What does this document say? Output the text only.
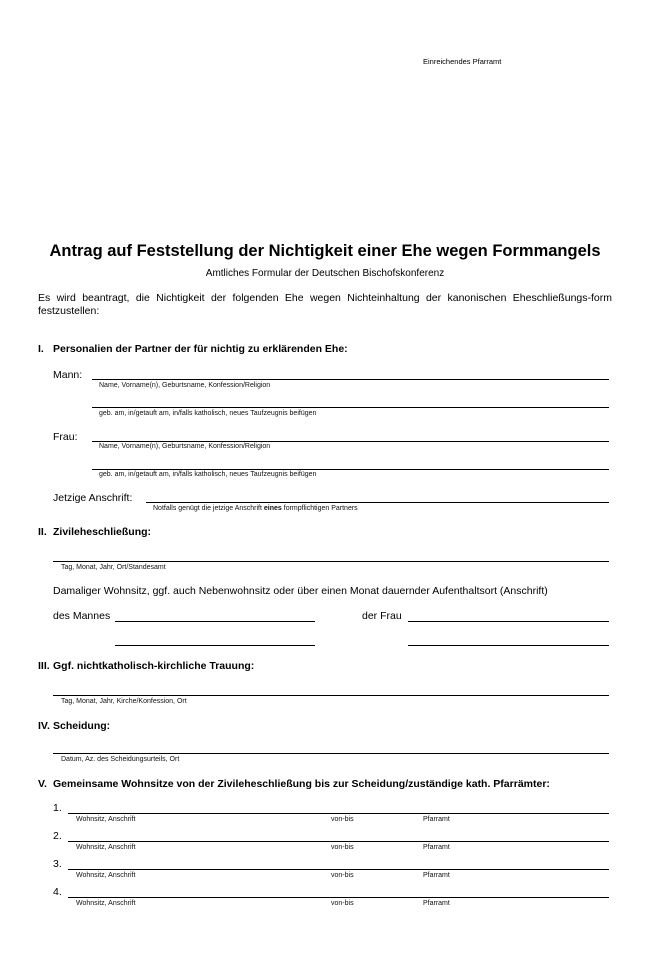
Einreichendes Pfarramt
Antrag auf Feststellung der Nichtigkeit einer Ehe wegen Formmangels
Amtliches Formular der Deutschen Bischofskonferenz
Es wird beantragt, die Nichtigkeit der folgenden Ehe wegen Nichteinhaltung der kanonischen Eheschließungs-form festzustellen:
I. Personalien der Partner der für nichtig zu erklärenden Ehe:
Mann:
Name, Vorname(n), Geburtsname, Konfession/Religion
geb. am, in/getauft am, in/falls katholisch, neues Taufzeugnis beifügen
Frau:
Name, Vorname(n), Geburtsname, Konfession/Religion
geb. am, in/getauft am, in/falls katholisch, neues Taufzeugnis beifügen
Jetzige Anschrift:
Notfalls genügt die jetzige Anschrift eines formpflichtigen Partners
II. Zivileheschließung:
Tag, Monat, Jahr, Ort/Standesamt
Damaliger Wohnsitz, ggf. auch Nebenwohnsitz oder über einen Monat dauernder Aufenthaltsort (Anschrift)
des Mannes	der Frau
III. Ggf. nichtkatholisch-kirchliche Trauung:
Tag, Monat, Jahr, Kirche/Konfession, Ort
IV. Scheidung:
Datum, Az. des Scheidungsurteils, Ort
V. Gemeinsame Wohnsitze von der Zivileheschließung bis zur Scheidung/zuständige kath. Pfarrämter:
1.
Wohnsitz, Anschrift	von-bis	Pfarramt
2.
Wohnsitz, Anschrift	von-bis	Pfarramt
3.
Wohnsitz, Anschrift	von-bis	Pfarramt
4.
Wohnsitz, Anschrift	von-bis	Pfarramt
